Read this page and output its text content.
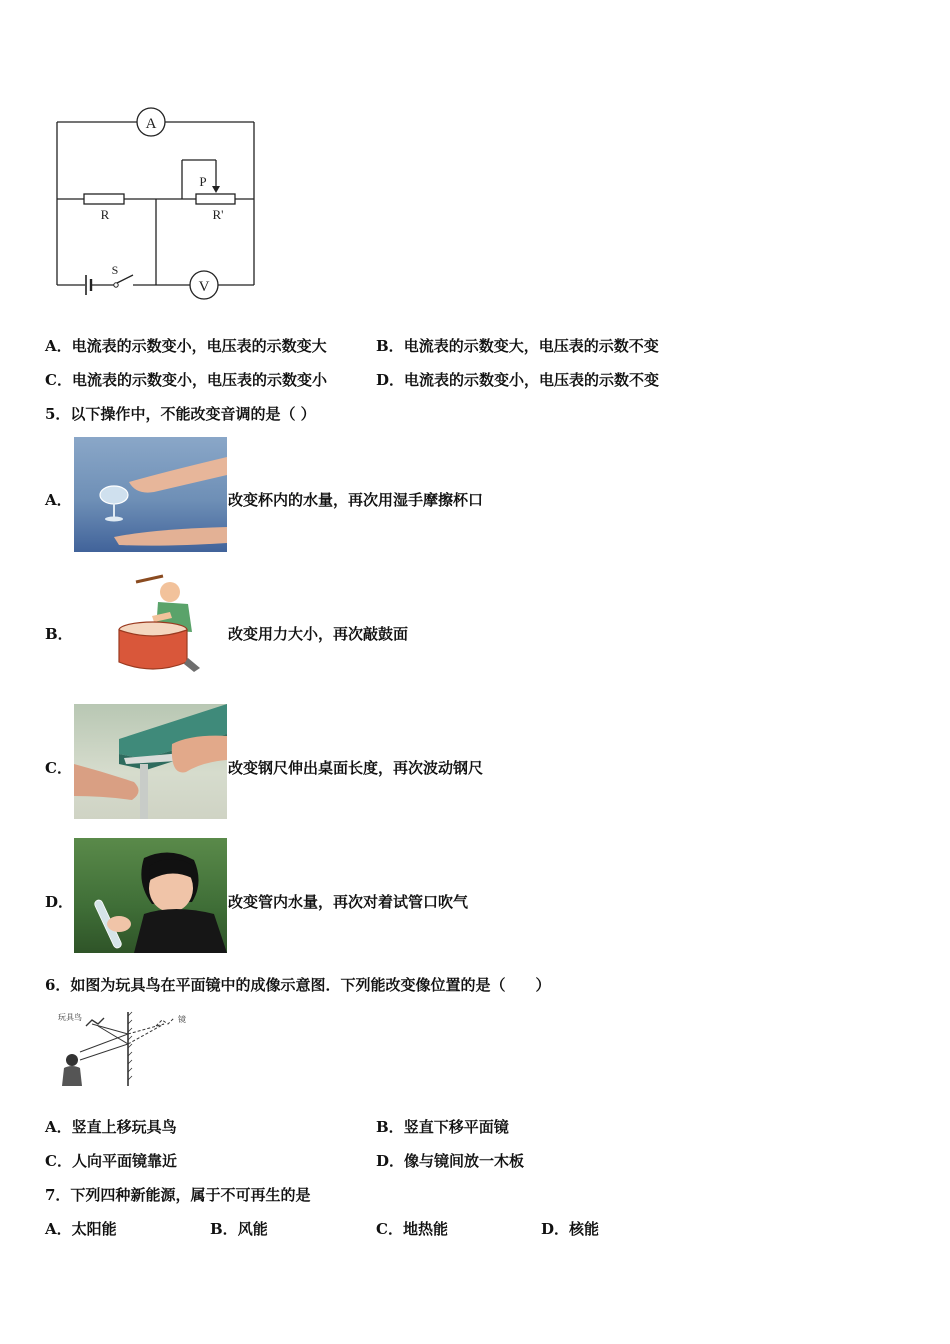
A
V
R	R'
P
S
A．电流表的示数变小，电压表的示数变大	B．电流表的示数变大，电压表的示数不变
C．电流表的示数变小，电压表的示数变小	D．电流表的示数变小，电压表的示数不变
5．以下操作中，不能改变音调的是（ ）
A．	改变杯内的水量，再次用湿手摩擦杯口
B．	改变用力大小，再次敲鼓面
C．	改变钢尺伸出桌面长度，再次波动钢尺
D．	改变管内水量，再次对着试管口吹气
6．如图为玩具鸟在平面镜中的成像示意图．下列能改变像位置的是（　　）
玩具鸟	镜
A．竖直上移玩具鸟	B．竖直下移平面镜
C．人向平面镜靠近	D．像与镜间放一木板
7．下列四种新能源，属于不可再生的是
A．太阳能	B．风能	C．地热能	D．核能
